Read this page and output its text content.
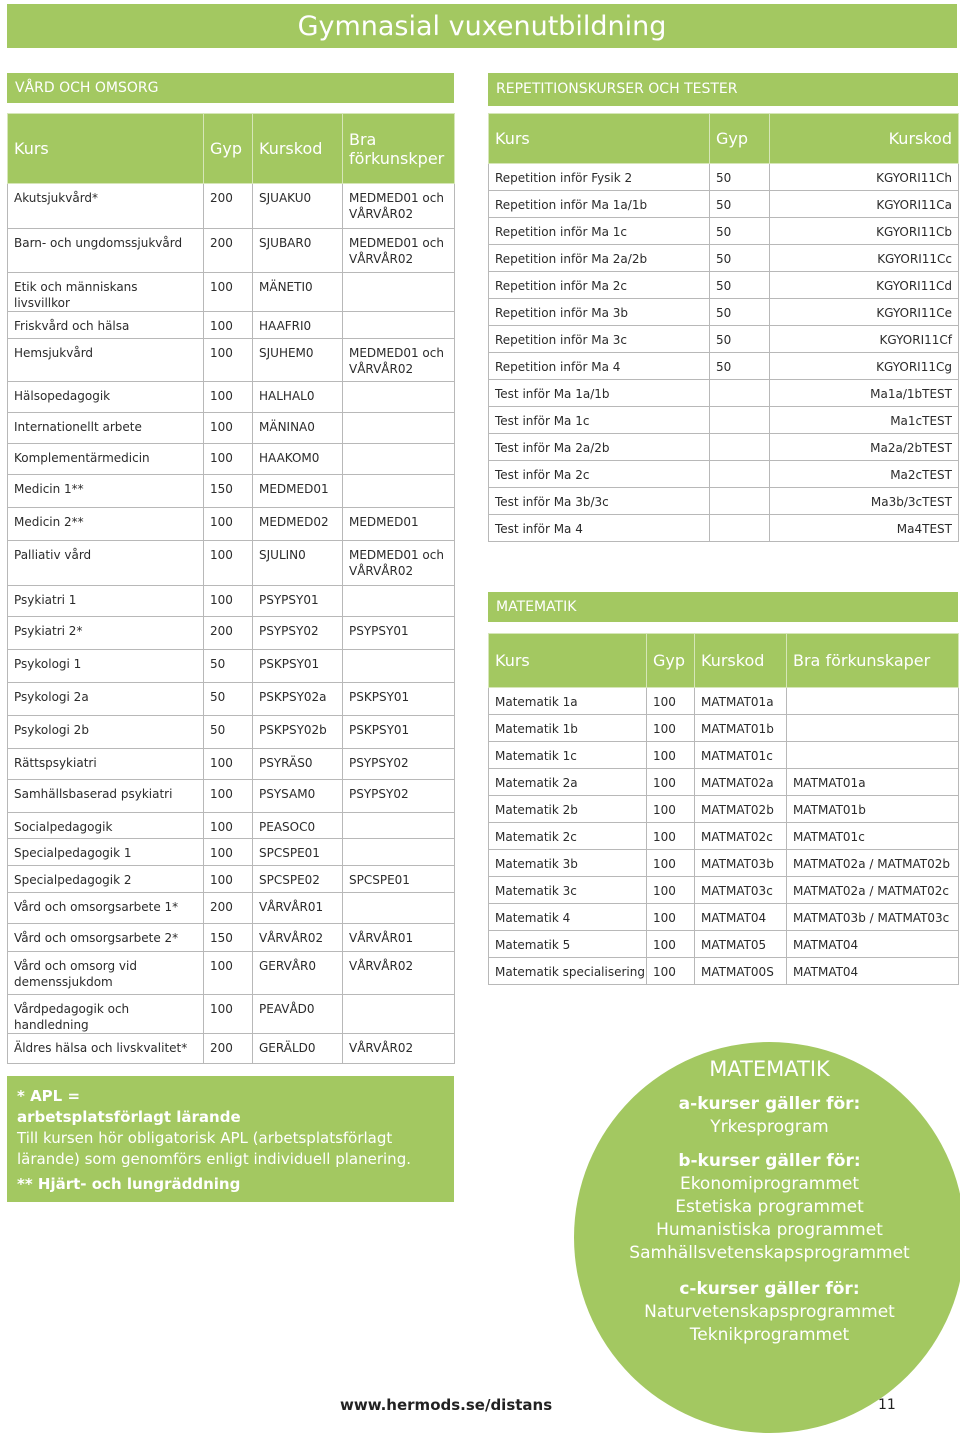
Gymnasial vuxenutbildning
VÅRD OCH OMSORG
Kurs	Gyp	Kurskod	Bra förkunskper
Akutsjukvård*	200	SJUAKU0	MEDMED01 och VÅRVÅR02
Barn- och ungdomssjukvård	200	SJUBAR0	MEDMED01 och VÅRVÅR02
Etik och människans livsvillkor	100	MÄNETI0	
Friskvård och hälsa	100	HAAFRI0	
Hemsjukvård	100	SJUHEM0	MEDMED01 och VÅRVÅR02
Hälsopedagogik	100	HALHAL0	
Internationellt arbete	100	MÄNINA0	
Komplementärmedicin	100	HAAKOM0	
Medicin 1**	150	MEDMED01	
Medicin 2**	100	MEDMED02	MEDMED01
Palliativ vård	100	SJULIN0	MEDMED01 och VÅRVÅR02
Psykiatri 1	100	PSYPSY01	
Psykiatri 2*	200	PSYPSY02	PSYPSY01
Psykologi 1	50	PSKPSY01	
Psykologi 2a	50	PSKPSY02a	PSKPSY01
Psykologi 2b	50	PSKPSY02b	PSKPSY01
Rättspsykiatri	100	PSYRÄS0	PSYPSY02
Samhällsbaserad psykiatri	100	PSYSAM0	PSYPSY02
Socialpedagogik	100	PEASOC0	
Specialpedagogik 1	100	SPCSPE01	
Specialpedagogik 2	100	SPCSPE02	SPCSPE01
Vård och omsorgsarbete 1*	200	VÅRVÅR01	
Vård och omsorgsarbete 2*	150	VÅRVÅR02	VÅRVÅR01
Vård och omsorg vid demenssjukdom	100	GERVÅR0	VÅRVÅR02
Vårdpedagogik och handledning	100	PEAVÅD0	
Äldres hälsa och livskvalitet*	200	GERÄLD0	VÅRVÅR02
REPETITIONSKURSER OCH TESTER
Kurs	Gyp	Kurskod
Repetition inför Fysik 2	50	KGYORI11Ch
Repetition inför Ma 1a/1b	50	KGYORI11Ca
Repetition inför Ma 1c	50	KGYORI11Cb
Repetition inför Ma 2a/2b	50	KGYORI11Cc
Repetition inför Ma 2c	50	KGYORI11Cd
Repetition inför Ma 3b	50	KGYORI11Ce
Repetition inför Ma 3c	50	KGYORI11Cf
Repetition inför Ma 4	50	KGYORI11Cg
Test inför Ma 1a/1b		Ma1a/1bTEST
Test inför Ma 1c		Ma1cTEST
Test inför Ma 2a/2b		Ma2a/2bTEST
Test inför Ma 2c		Ma2cTEST
Test inför Ma 3b/3c		Ma3b/3cTEST
Test inför Ma 4		Ma4TEST
MATEMATIK
Kurs	Gyp	Kurskod	Bra förkunskaper
Matematik 1a	100	MATMAT01a	
Matematik 1b	100	MATMAT01b	
Matematik 1c	100	MATMAT01c	
Matematik 2a	100	MATMAT02a	MATMAT01a
Matematik 2b	100	MATMAT02b	MATMAT01b
Matematik 2c	100	MATMAT02c	MATMAT01c
Matematik 3b	100	MATMAT03b	MATMAT02a / MATMAT02b
Matematik 3c	100	MATMAT03c	MATMAT02a / MATMAT02c
Matematik 4	100	MATMAT04	MATMAT03b / MATMAT03c
Matematik 5	100	MATMAT05	MATMAT04
Matematik specialisering	100	MATMAT00S	MATMAT04
* APL =
arbetsplatsförlagt lärande
Till kursen hör obligatorisk APL (arbetsplatsförlagt
lärande) som genomförs enligt individuell planering.
** Hjärt- och lungräddning
MATEMATIK
a-kurser gäller för:
Yrkesprogram
b-kurser gäller för:
Ekonomiprogrammet
Estetiska programmet
Humanistiska programmet
Samhällsvetenskapsprogrammet
c-kurser gäller för:
Naturvetenskapsprogrammet
Teknikprogrammet
www.hermods.se/distans	11
